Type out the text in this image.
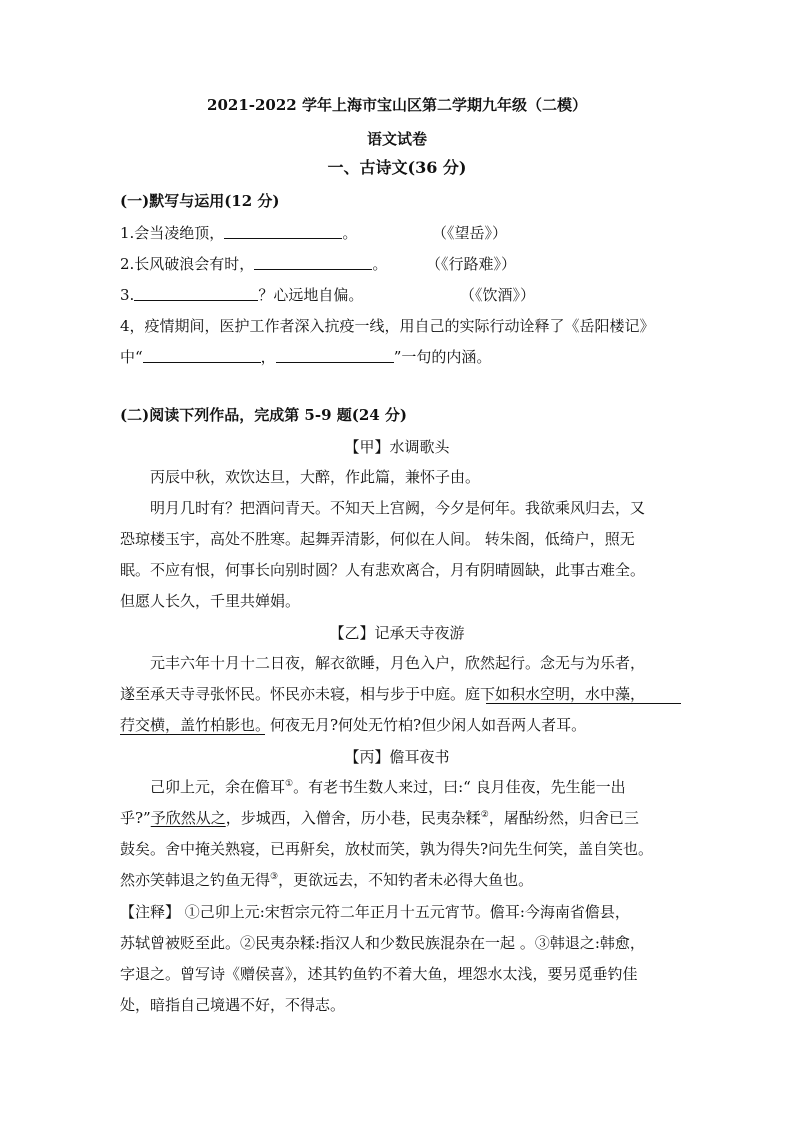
2021-2022 学年上海市宝山区第二学期九年级（二模）
语文试卷
一、古诗文(36 分)
(一)默写与运用(12 分)
1.会当凌绝顶，	。	（《望岳》）
2.长风破浪会有时，	。	（《行路难》）
3.	？心远地自偏。	（《饮酒》）
4，疫情期间，医护工作者深入抗疫一线，用自己的实际行动诠释了《岳阳楼记》
中“	，	”一句的内涵。
(二)阅读下列作品，完成第 5-9 题(24 分)
【甲】水调歌头
丙辰中秋，欢饮达旦，大醉，作此篇，兼怀子由。
明月几时有？把酒问青天。不知天上宫阙，今夕是何年。我欲乘风归去，又
恐琼楼玉宇，高处不胜寒。起舞弄清影，何似在人间。 转朱阁，低绮户，照无
眠。不应有恨，何事长向别时圆？人有悲欢离合，月有阴晴圆缺，此事古难全。
但愿人长久，千里共婵娟。
【乙】记承天寺夜游
元丰六年十月十二日夜，解衣欲睡，月色入户，欣然起行。念无与为乐者，
遂至承天寺寻张怀民。怀民亦未寝，相与步于中庭。庭下如积水空明，水中藻，
荇交横，盖竹柏影也。何夜无月?何处无竹柏?但少闲人如吾两人者耳。
【丙】儋耳夜书
己卯上元，余在儋耳①。有老书生数人来过，曰:“ 良月佳夜，先生能一出
乎?”予欣然从之，步城西，入僧舍，历小巷，民夷杂糅②，屠酤纷然，归舍已三
鼓矣。舍中掩关熟寝，已再鼾矣，放杖而笑，孰为得失?问先生何笑，盖自笑也。
然亦笑韩退之钓鱼无得③，更欲远去，不知钓者未必得大鱼也。
【注释】 ①己卯上元:宋哲宗元符二年正月十五元宵节。儋耳:今海南省儋县，
苏轼曾被贬至此。②民夷杂糅:指汉人和少数民族混杂在一起 。③韩退之:韩愈，
字退之。曾写诗《赠侯喜》，述其钓鱼钓不着大鱼，埋怨水太浅，要另觅垂钓佳
处，暗指自己境遇不好，不得志。
